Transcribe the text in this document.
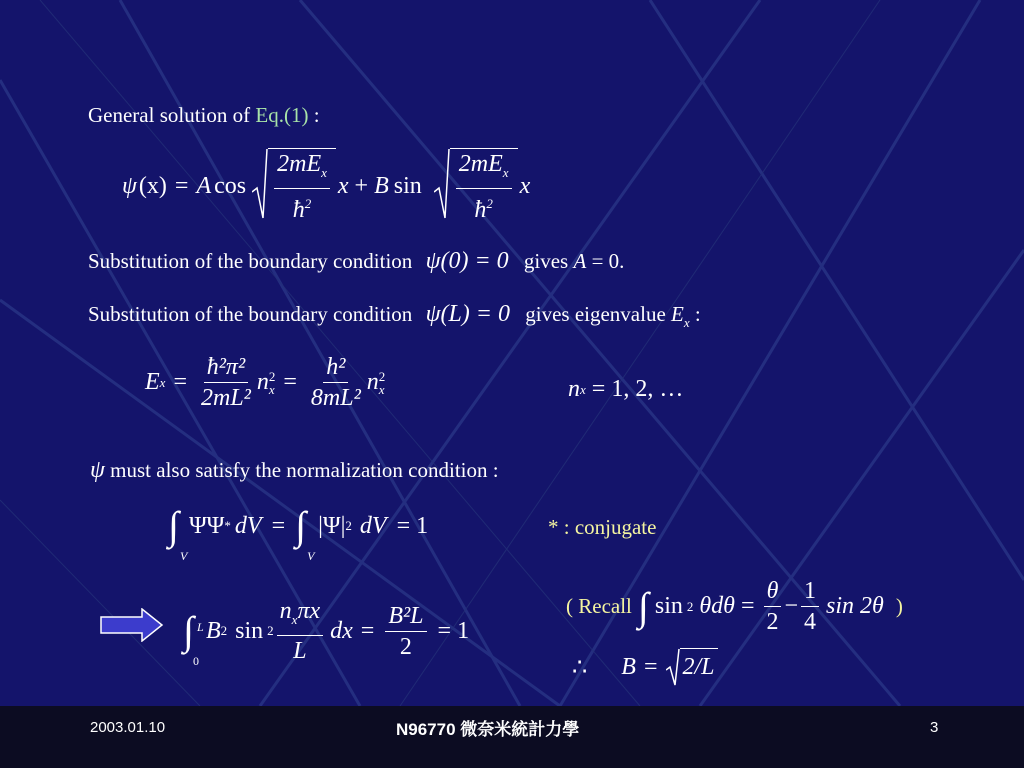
General solution of Eq.(1) :
ψ (x) = A $\cos \frac{2mE_x}{ħ^2}$ x + B $\sin \frac{2mE_x}{ħ^2}$ x
Substitution of the boundary condition ψ(0) = 0 gives A = 0.
Substitution of the boundary condition ψ(L) = 0 gives eigenvalue $E_x$ :
E $x = \frac{\text{ħ²π²}}{\text{2mL²}}$ n 2
$x = \frac{\text{h²}}{\text{8mL²}}$ n 2
x	n x = 1, 2, …
ψ must also satisfy the normalization condition :
∫
V
ΨΨ * dV = ∫
V
|Ψ| 2 dV = 1	* : conjugate
∫ L
0
B 2 $\sin 2 \frac{n_x\pi x}{L}$ dx = $\frac{\text{B²L}}{2} = 1$
( Recall ∫ sin 2 $\theta d\theta = \frac{\theta}{2} - \frac{1}{4}$ sin 2θ )
∴ B = 2/L
2003.01.10	N96770 微奈米統計力學	3
